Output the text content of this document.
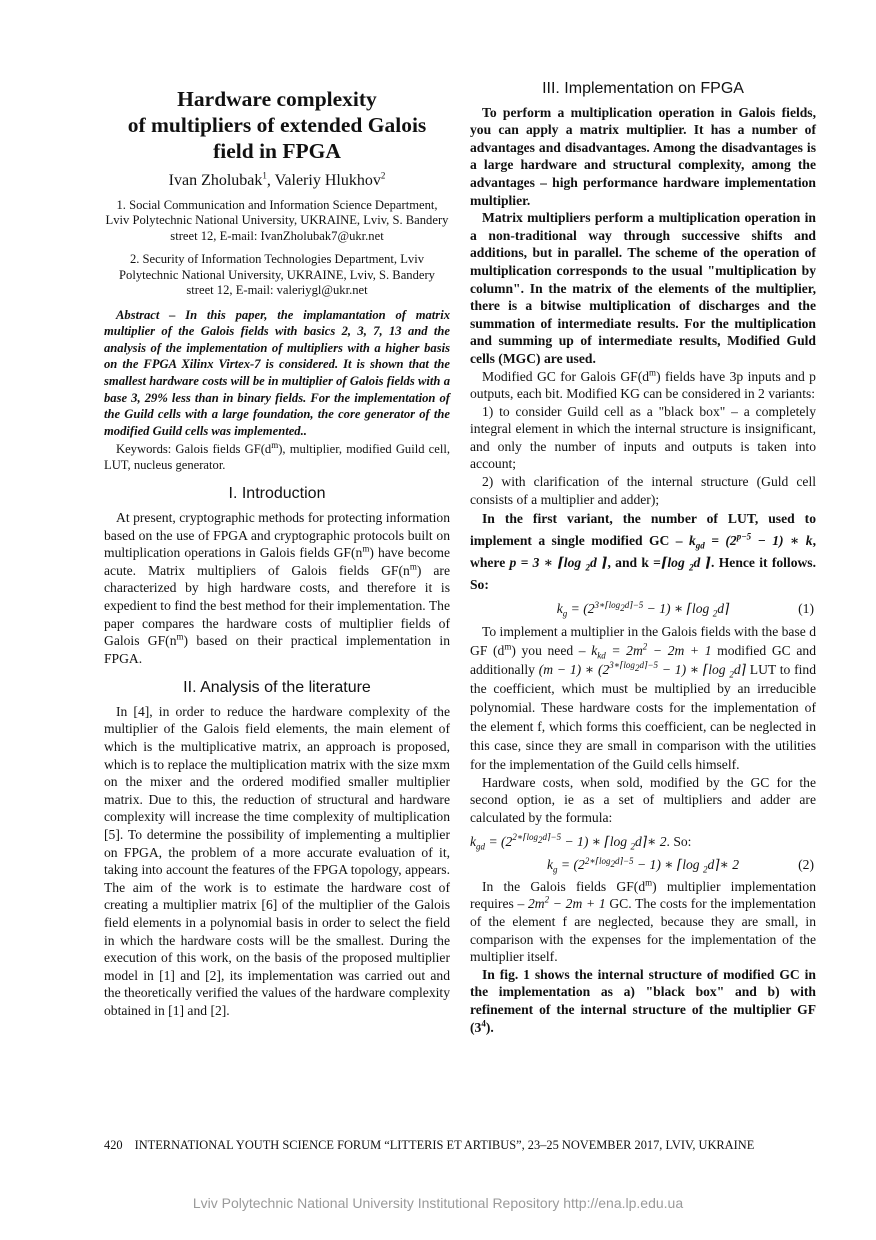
Hardware complexity
of multipliers of extended Galois
field in FPGA
Ivan Zholubak$^1$, Valeriy Hlukhov$^2$
1. Social Communication and Information Science Department, Lviv Polytechnic National University, UKRAINE, Lviv, S. Bandery street 12, E-mail: IvanZholubak7@ukr.net
2. Security of Information Technologies Department, Lviv Polytechnic National University, UKRAINE, Lviv, S. Bandery street 12, E-mail: valeriygl@ukr.net
Abstract – In this paper, the implamantation of matrix multiplier of the Galois fields with basics 2, 3, 7, 13 and the analysis of the implementation of multipliers with a higher basis on the FPGA Xilinx Virtex-7 is considered. It is shown that the smallest hardware costs will be in multiplier of Galois fields with a base 3, 29% less than in binary fields. For the implementation of the Guild cells with a large foundation, the core generator of the modified Guild cells was implemented..

Keywords: Galois fields $GF(d^m)$, multiplier, modified Guild cell, LUT, nucleus generator.

I. Introduction

At present, cryptographic methods for protecting information based on the use of FPGA and cryptographic protocols built on multiplication operations in Galois fields $GF(n^m)$ have become acute. Matrix multipliers of Galois fields $GF(n^m)$ are characterized by high hardware costs, and therefore it is expedient to find the best method for their implementation. The paper compares the hardware costs of multiplier fields of Galois $GF(n^m)$ based on their practical implementation in FPGA.

II. Analysis of the literature

In [4], in order to reduce the hardware complexity of the multiplier of the Galois field elements, the main element of which is the multiplicative matrix, an approach is proposed, which is to replace the multiplication matrix with the size mxm on the mixer and the ordered modified smaller multiplier matrix. Due to this, the reduction of structural and hardware complexity will increase the time complexity of multiplication [5]. To determine the possibility of implementing a multiplier on FPGA, the problem of a more accurate evaluation of it, taking into account the features of the FPGA topology, appears. The aim of the work is to estimate the hardware cost of creating a multiplier matrix [6] of the multiplier of the Galois field elements in a polynomial basis in order to select the field in which the hardware costs will be the smallest. During the execution of this work, on the basis of the proposed multiplier model in [1] and [2], its implementation was carried out and the theoretically verified the values of the hardware complexity obtained in [1] and [2].

III. Implementation on FPGA

To perform a multiplication operation in Galois fields, you can apply a matrix multiplier. It has a number of advantages and disadvantages. Among the disadvantages is a large hardware and structural complexity, among the advantages – high performance hardware implementation multiplier.

Matrix multipliers perform a multiplication operation in a non-traditional way through successive shifts and additions, but in parallel. The scheme of the operation of multiplication corresponds to the usual "multiplication by column". In the matrix of the elements of the multiplier, there is a bitwise multiplication of discharges and the summation of intermediate results. For the multiplication and summing up of intermediate results, Modified Guld cells (MGC) are used.

Modified GC for Galois $GF(d^m)$ fields have 3p inputs and p outputs, each bit. Modified KG can be considered in 2 variants:

1) to consider Guild cell as a "black box" – a completely integral element in which the internal structure is insignificant, and only the number of inputs and outputs is taken into account;

2) with clarification of the internal structure (Guld cell consists of a multiplier and adder);

In the first variant, the number of LUT, used to implement a single modified GC – $k_{gd} = (2^{p-5} - 1)$ ∗ k, where p = 3 ∗ ⌈log $_2$d ⌉, and k =⌈log $_2$d ⌉. Hence it follows. So:

$k_g = (2^{3∗⌈log_2d⌉-5} - 1)$ ∗ ⌈log $_2$d⌉	(1)

To implement a multiplier in the Galois fields with the base d GF $(d^m)$ you need – $k_{kd} = 2m^2 - 2m + 1$ modified GC and additionally (m − 1) ∗ $(2^{3∗⌈log_2d⌉-5} - 1)$ ∗ ⌈log $_2$d⌉ LUT to find the coefficient, which must be multiplied by an irreducible polynomial. These hardware costs for the implementation of the element f, which forms this coefficient, can be neglected in this case, since they are small in comparison with the utilities for the implementation of the Guild cells himself.

Hardware costs, when sold, modified by the GC for the second option, ie as a set of multipliers and adder are calculated by the formula:

$k_{gd} = (2^{2∗⌈log_2d⌉-5} - 1)$ ∗ ⌈log $_2$d⌉∗ 2. So:

$k_g = (2^{2∗⌈log_2d⌉-5} - 1)$ ∗ ⌈log $_2$d⌉∗ 2	(2)

In the Galois fields $GF(d^m)$ multiplier implementation requires – $2m^2 - 2m + 1$ GC. The costs for the implementation of the element f are neglected, because they are small, in comparison with the expenses for the implementation of the multiplier itself.

In fig. 1 shows the internal structure of modified GC in the implementation as a) "black box" and b) with refinement of the internal structure of the multiplier GF $(3^4)$.

420 INTERNATIONAL YOUTH SCIENCE FORUM “LITTERIS ET ARTIBUS”, 23–25 NOVEMBER 2017, LVIV, UKRAINE
Lviv Polytechnic National University Institutional Repository http://ena.lp.edu.ua
